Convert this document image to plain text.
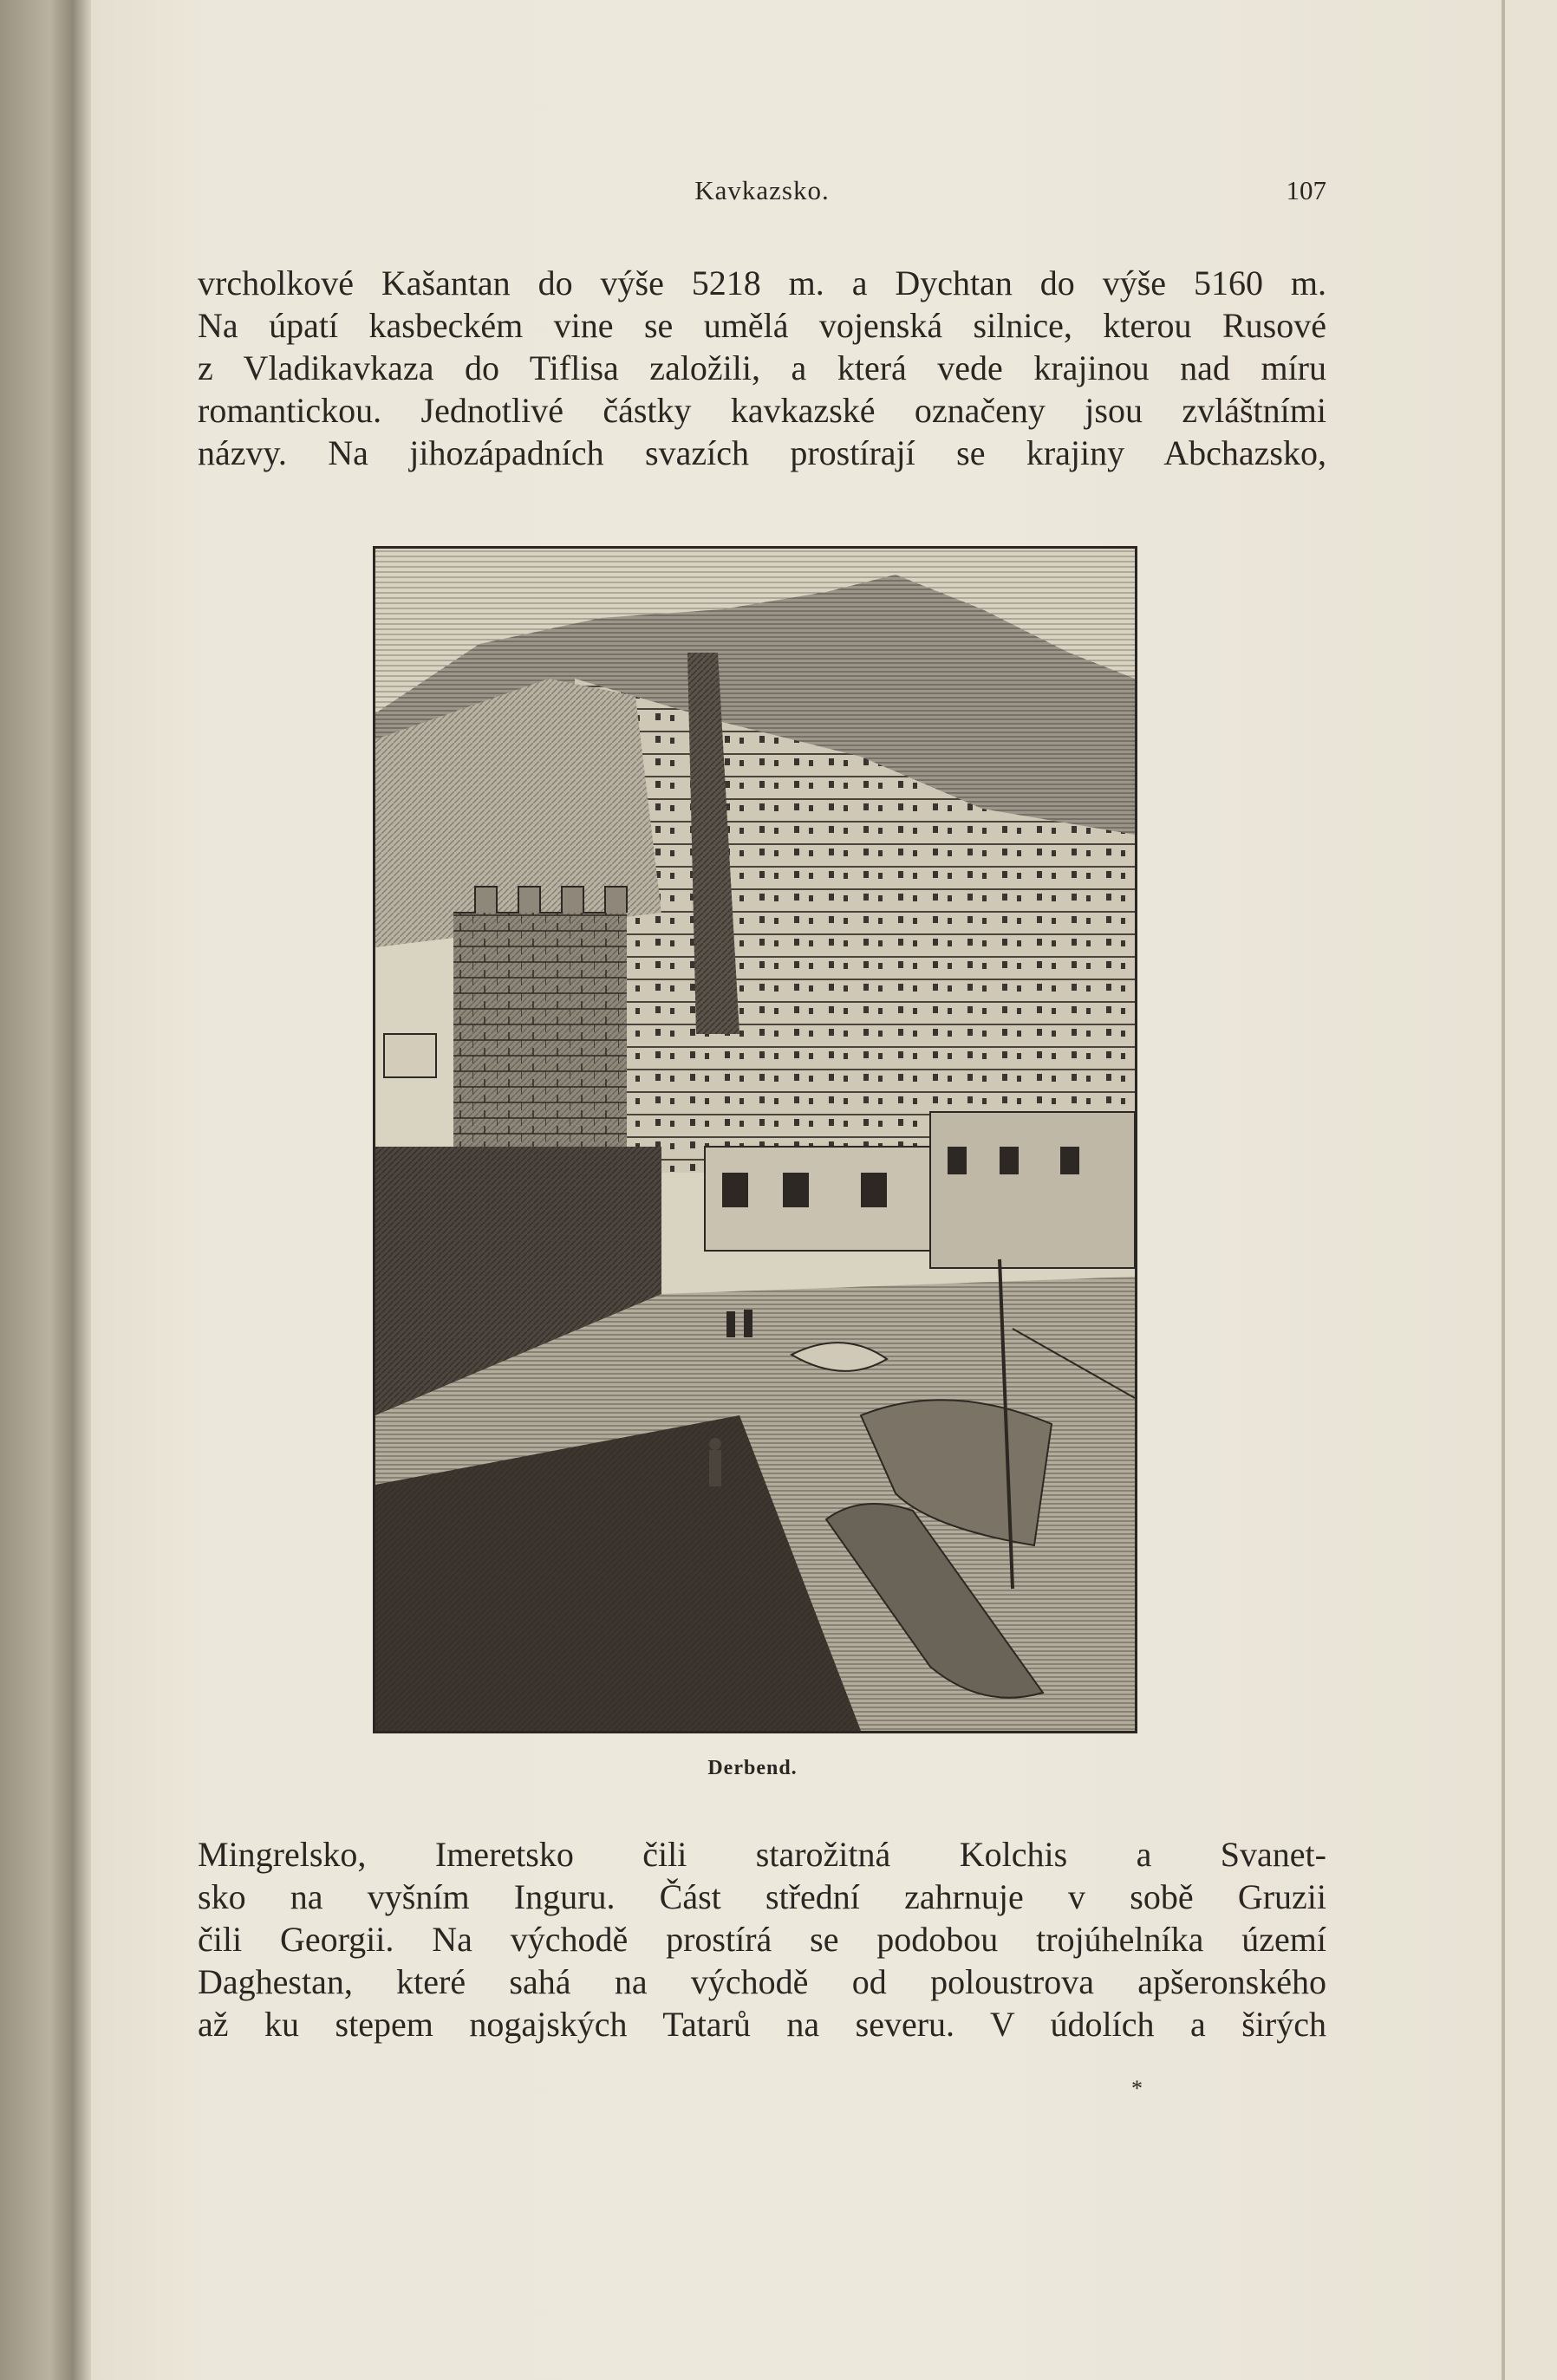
Kavkazsko.	107
vrcholkové Kašantan do výše 5218 m. a Dychtan do výše 5160 m.
Na úpatí kasbeckém vine se umělá vojenská silnice, kterou Rusové
z Vladikavkaza do Tiflisa založili, a která vede krajinou nad míru
romantickou. Jednotlivé částky kavkazské označeny jsou zvláštními
názvy. Na jihozápadních svazích prostírají se krajiny Abchazsko,
Derbend.
Mingrelsko, Imeretsko čili starožitná Kolchis a Svanet-
sko na vyšním Inguru. Část střední zahrnuje v sobě Gruzii
čili Georgii. Na východě prostírá se podobou trojúhelníka území
Daghestan, které sahá na východě od poloustrova apšeronského
až ku stepem nogajských Tatarů na severu. V údolích a širých
*
